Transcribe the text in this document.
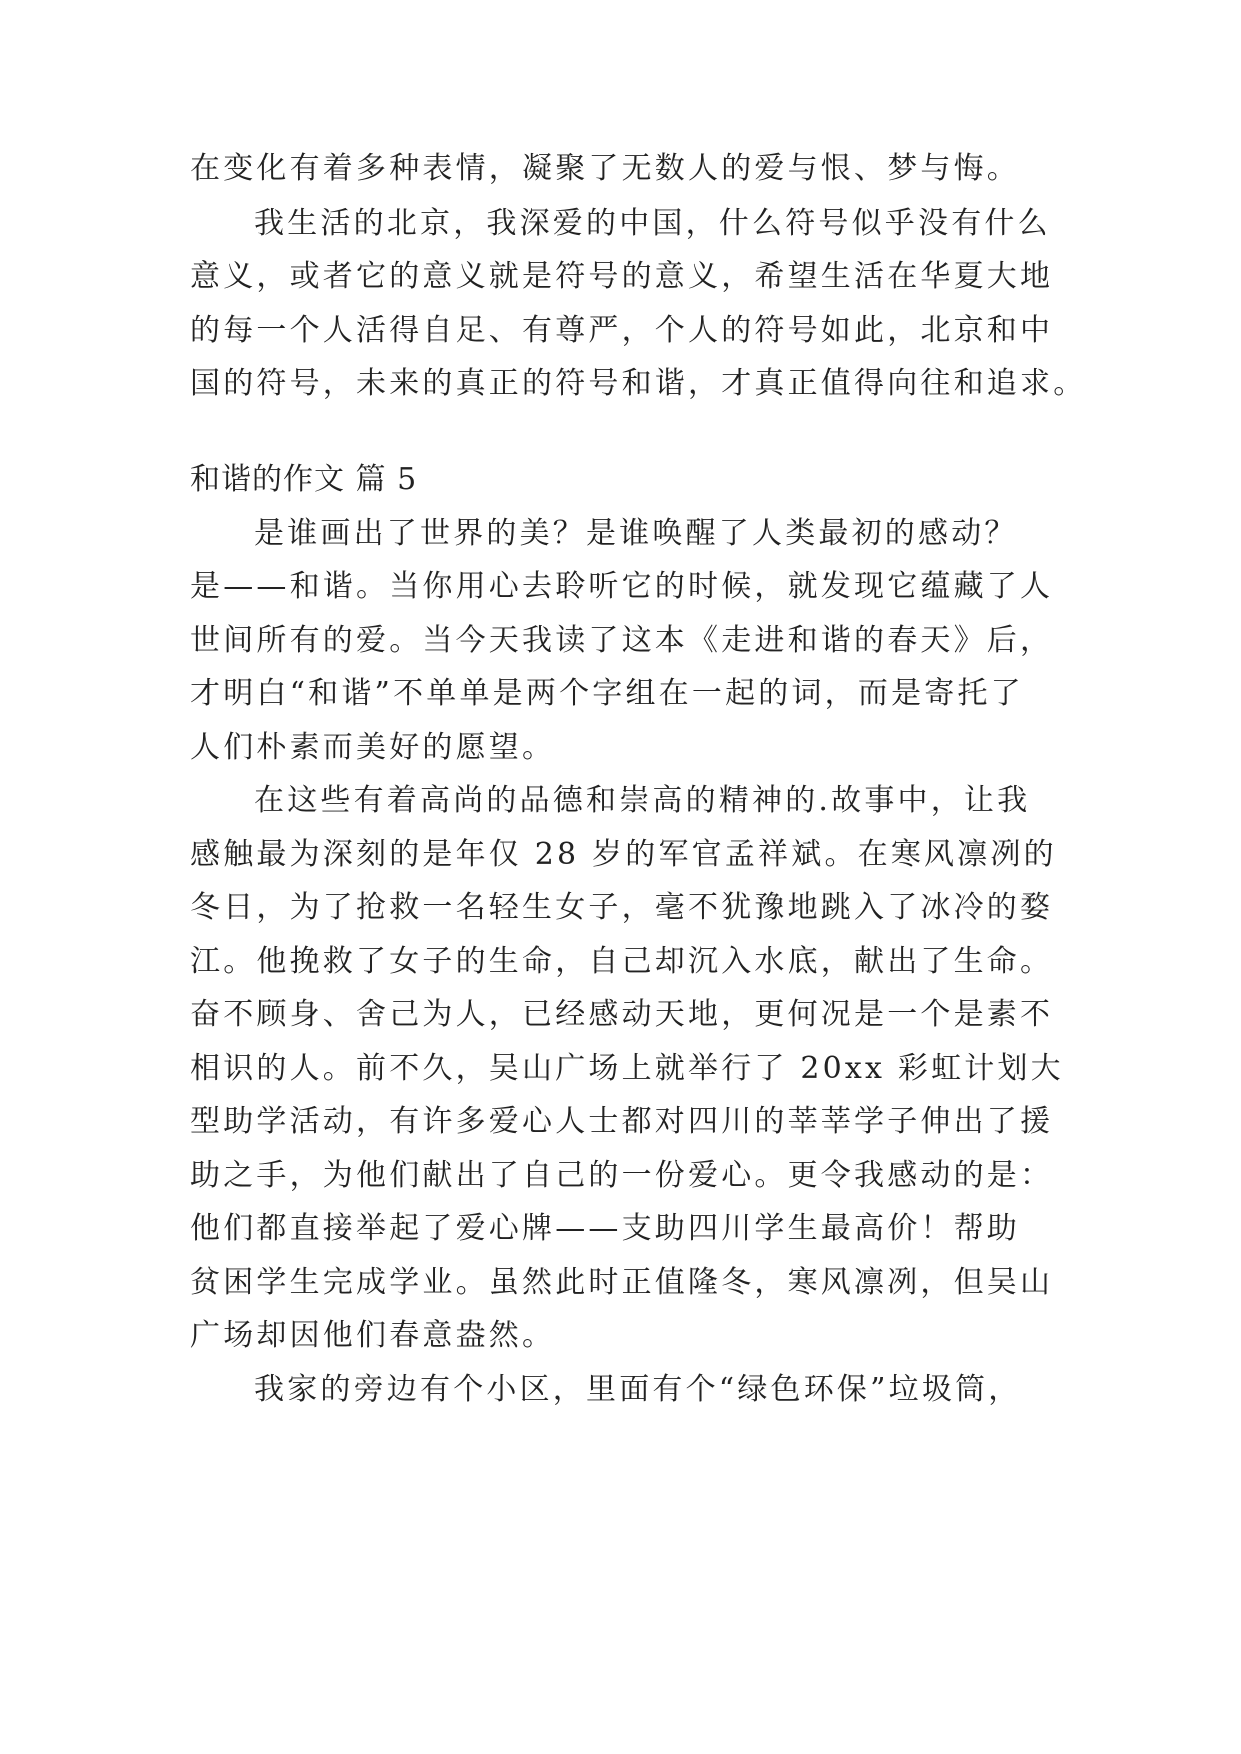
在变化有着多种表情，凝聚了无数人的爱与恨、梦与悔。
我生活的北京，我深爱的中国，什么符号似乎没有什么
意义，或者它的意义就是符号的意义，希望生活在华夏大地
的每一个人活得自足、有尊严，个人的符号如此，北京和中
国的符号，未来的真正的符号和谐，才真正值得向往和追求。
和谐的作文 篇 5
是谁画出了世界的美？是谁唤醒了人类最初的感动？
是——和谐。当你用心去聆听它的时候，就发现它蕴藏了人
世间所有的爱。当今天我读了这本《走进和谐的春天》后，
才明白“和谐”不单单是两个字组在一起的词，而是寄托了
人们朴素而美好的愿望。
在这些有着高尚的品德和崇高的精神的.故事中，让我
感触最为深刻的是年仅 28 岁的军官孟祥斌。在寒风凛冽的
冬日，为了抢救一名轻生女子，毫不犹豫地跳入了冰冷的婺
江。他挽救了女子的生命，自己却沉入水底，献出了生命。
奋不顾身、舍己为人，已经感动天地，更何况是一个是素不
相识的人。前不久，吴山广场上就举行了 20xx 彩虹计划大
型助学活动，有许多爱心人士都对四川的莘莘学子伸出了援
助之手，为他们献出了自己的一份爱心。更令我感动的是：
他们都直接举起了爱心牌——支助四川学生最高价！帮助
贫困学生完成学业。虽然此时正值隆冬，寒风凛冽，但吴山
广场却因他们春意盎然。
我家的旁边有个小区，里面有个“绿色环保”垃圾筒，
